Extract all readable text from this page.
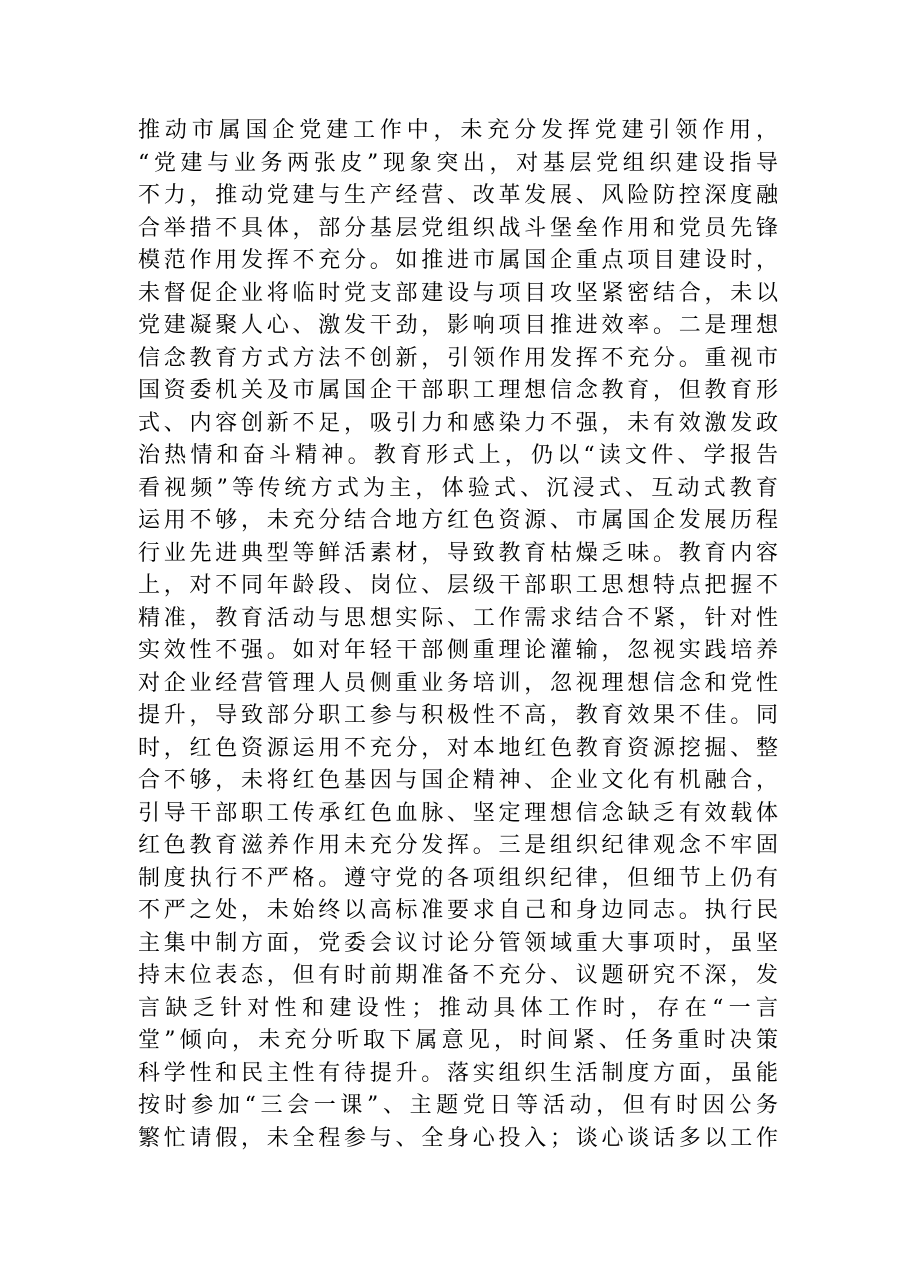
推动市属国企党建工作中，未充分发挥党建引领作用，
“党建与业务两张皮”现象突出，对基层党组织建设指导
不力，推动党建与生产经营、改革发展、风险防控深度融
合举措不具体，部分基层党组织战斗堡垒作用和党员先锋
模范作用发挥不充分。如推进市属国企重点项目建设时，
未督促企业将临时党支部建设与项目攻坚紧密结合，未以
党建凝聚人心、激发干劲，影响项目推进效率。二是理想
信念教育方式方法不创新，引领作用发挥不充分。重视市
国资委机关及市属国企干部职工理想信念教育，但教育形
式、内容创新不足，吸引力和感染力不强，未有效激发政
治热情和奋斗精神。教育形式上，仍以“读文件、学报告
看视频”等传统方式为主，体验式、沉浸式、互动式教育
运用不够，未充分结合地方红色资源、市属国企发展历程
行业先进典型等鲜活素材，导致教育枯燥乏味。教育内容
上，对不同年龄段、岗位、层级干部职工思想特点把握不
精准，教育活动与思想实际、工作需求结合不紧，针对性
实效性不强。如对年轻干部侧重理论灌输，忽视实践培养
对企业经营管理人员侧重业务培训，忽视理想信念和党性
提升，导致部分职工参与积极性不高，教育效果不佳。同
时，红色资源运用不充分，对本地红色教育资源挖掘、整
合不够，未将红色基因与国企精神、企业文化有机融合，
引导干部职工传承红色血脉、坚定理想信念缺乏有效载体
红色教育滋养作用未充分发挥。三是组织纪律观念不牢固
制度执行不严格。遵守党的各项组织纪律，但细节上仍有
不严之处，未始终以高标准要求自己和身边同志。执行民
主集中制方面，党委会议讨论分管领域重大事项时，虽坚
持末位表态，但有时前期准备不充分、议题研究不深，发
言缺乏针对性和建设性；推动具体工作时，存在“一言
堂”倾向，未充分听取下属意见，时间紧、任务重时决策
科学性和民主性有待提升。落实组织生活制度方面，虽能
按时参加“三会一课”、主题党日等活动，但有时因公务
繁忙请假，未全程参与、全身心投入；谈心谈话多以工作
